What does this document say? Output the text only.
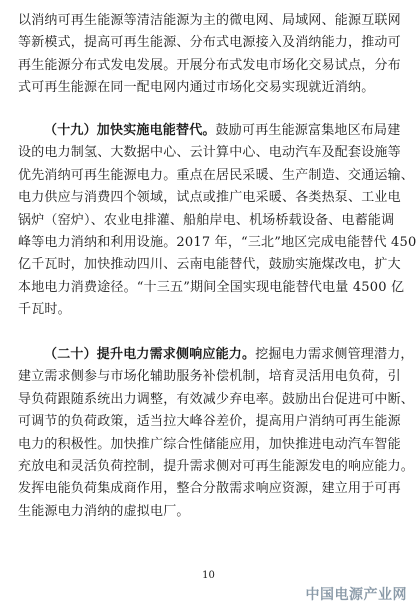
以消纳可再生能源等清洁能源为主的微电网、局域网、能源互联网
等新模式，提高可再生能源、分布式电源接入及消纳能力，推动可
再生能源分布式发电发展。开展分布式发电市场化交易试点，分布
式可再生能源在同一配电网内通过市场化交易实现就近消纳。
（十九）加快实施电能替代。鼓励可再生能源富集地区布局建
设的电力制氢、大数据中心、云计算中心、电动汽车及配套设施等
优先消纳可再生能源电力。重点在居民采暖、生产制造、交通运输、
电力供应与消费四个领域，试点或推广电采暖、各类热泵、工业电
锅炉（窑炉）、农业电排灌、船舶岸电、机场桥载设备、电蓄能调
峰等电力消纳和利用设施。2017 年，“三北”地区完成电能替代 450
亿千瓦时，加快推动四川、云南电能替代，鼓励实施煤改电，扩大
本地电力消费途径。“十三五”期间全国实现电能替代电量 4500 亿
千瓦时。
（二十）提升电力需求侧响应能力。挖掘电力需求侧管理潜力，
建立需求侧参与市场化辅助服务补偿机制，培育灵活用电负荷，引
导负荷跟随系统出力调整，有效减少弃电率。鼓励出台促进可中断、
可调节的负荷政策，适当拉大峰谷差价，提高用户消纳可再生能源
电力的积极性。加快推广综合性储能应用，加快推进电动汽车智能
充放电和灵活负荷控制，提升需求侧对可再生能源发电的响应能力。
发挥电能负荷集成商作用，整合分散需求响应资源，建立用于可再
生能源电力消纳的虚拟电厂。
10
中国电源产业网
